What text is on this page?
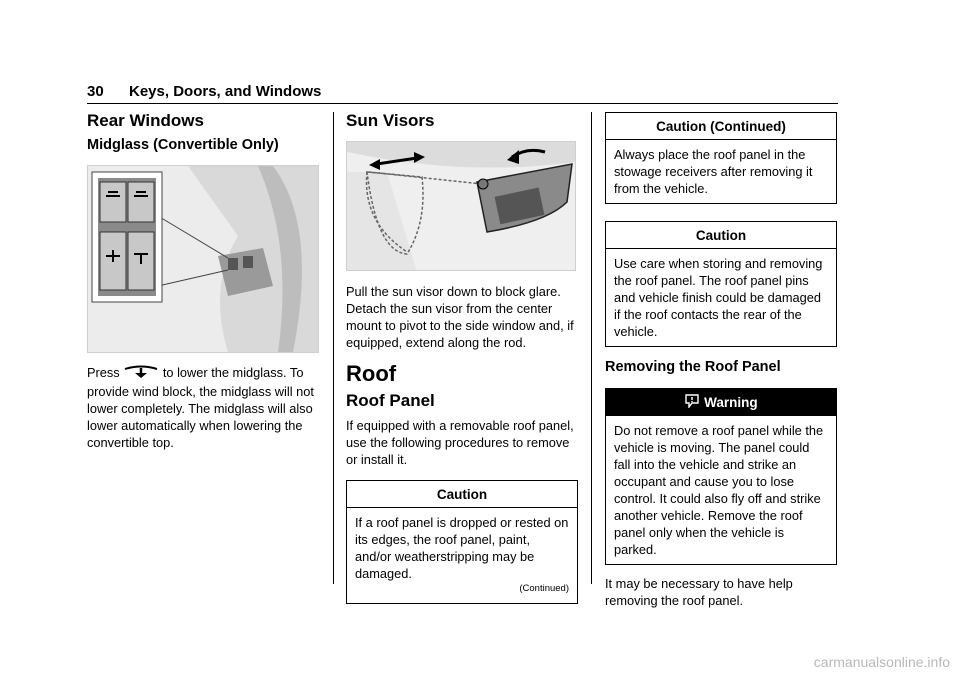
30 Keys, Doors, and Windows
Rear Windows
Midglass (Convertible Only)

Press	to lower the midglass. To provide wind block, the midglass will not lower completely. The midglass will also lower automatically when lowering the convertible top.

Sun Visors

Pull the sun visor down to block glare. Detach the sun visor from the center mount to pivot to the side window and, if equipped, extend along the rod.

Roof
Roof Panel

If equipped with a removable roof panel, use the following procedures to remove or install it.

Caution

If a roof panel is dropped or rested on its edges, the roof panel, paint, and/or weatherstripping may be damaged.

(Continued)
Caution (Continued)

Always place the roof panel in the stowage receivers after removing it from the vehicle.

Caution

Use care when storing and removing the roof panel. The roof panel pins and vehicle finish could be damaged if the roof contacts the rear of the vehicle.

Removing the Roof Panel
Warning

Do not remove a roof panel while the vehicle is moving. The panel could fall into the vehicle and strike an occupant and cause you to lose control. It could also fly off and strike another vehicle. Remove the roof panel only when the vehicle is parked.

It may be necessary to have help removing the roof panel.

carmanualsonline.info
